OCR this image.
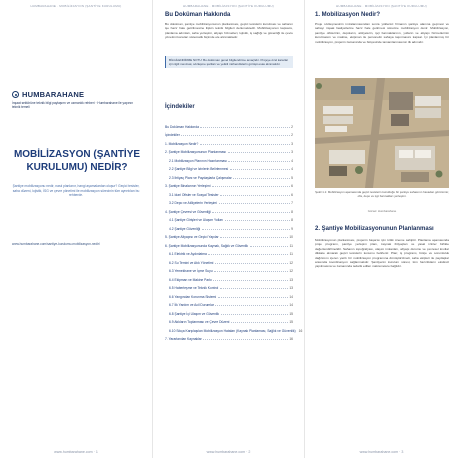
HUMBARAHANE · MOBİLİZASYON (ŞANTİYE KURULUMU)
HUMBARAHANE
İnşaat sektörüne teknik bilgi paylaşımı ve uzmanlık rehberi · Humbarahane ile yapının teknik temeli
MOBİLİZASYON (ŞANTİYE KURULUMU) NEDİR?
Şantiye mobilizasyonu nedir, nasıl planlanır, hangi aşamalardan oluşur? Geçici tesisler, saha düzeni, lojistik, İSG ve çevre yönetimi ile mobilizasyon sürecinin tüm ayrıntıları bu rehberde.
www.humbarahane.com/santiye-kurulumu-mobilizasyon-nedir/
www.humbarahane.com · 1
HUMBARAHANE · MOBİLİZASYON (ŞANTİYE KURULUMU)
Bu Doküman Hakkında
Bu doküman, şantiye mobilizasyonunun planlanması, geçici tesislerin kurulması ve sahanın işe hazır hale getirilmesine ilişkin teknik bilgileri derlemektedir. Mobilizasyonun kapsamı, planlama adımları, saha yerleşimi, altyapı hizmetleri, lojistik, iş sağlığı ve güvenliği ile çevre yönetimi konuları sistematik biçimde ele alınmaktadır.
BİLGİLENDİRME NOTU: Bu doküman genel bilgilendirme amaçlıdır. Projeye özel kararlar için ilgili mevzuat, sözleşme şartları ve yetkili mühendislerin görüşü esas alınmalıdır.
İçindekiler
Bu Doküman Hakkında	2
İçindekiler	2
1. Mobilizasyon Nedir?	3
2. Şantiye Mobilizasyonunun Planlanması	3
2.1 Mobilizasyon Planının Hazırlanması	4
2.2 Şantiye Bilgi ve Izinlerin Belirlenmesi	4
2.3 Ihtiyaç Planı ve Paydaşlarla Çalışmalar	5
3. Şantiye Binalarının Yerleşimi	6
3.1 Idari Ofisler ve Sosyal Tesisler	6
3.2 Depo ve Atölyelerin Yerleşimi	7
4. Şantiye Çevresi ve Güvenliği	8
4.1 Şantiye Girişleri ve Ulaşım Yolları	8
4.2 Şantiye Güvenliği	9
5. Şantiye Altyapısı ve Geçici Yapılar	10
6. Şantiye Mobilizasyonunda Kaynak, Sağlık ve Güvenlik	11
6.1 Elektrik ve Aydınlatma	11
6.2 Su Temini ve Atık Yönetimi	12
6.3 Yemekhane ve İçme Suyu	12
6.4 Ekipman ve Makine Parkı	13
6.5 Haberleşme ve Teknik Kontrol	13
6.6 Yangından Korunma Sistemi	14
6.7 İlk Yardım ve Acil Durumlar	14
6.8 Şantiye İçi Ulaşım ve Güvenlik	15
6.9 Atıkların Toplanması ve Çevre Düzeni	15
6.10 Sıkça Karşılaşılan Mobilizasyon Hataları (Kaynak Planlaması, Sağlık ve Güvenlik) 16
7. Yararlanılan Kaynaklar	16
www.humbarahane.com · 2
HUMBARAHANE · MOBİLİZASYON (ŞANTİYE KURULUMU)
1. Mobilizasyon Nedir?
Proje sözleşmesinin imzalanmasından sonra yüklenici firmanın şantiye alanına geçmesi ve sahayı inşaat faaliyetlerine hazır hale getirmesi sürecine mobilizasyon denir. Mobilizasyon, şantiye ofislerinin, depoların, atölyelerin, işçi barınaklarının, yolların ve altyapı hizmetlerinin kurulmasını ve makine, ekipman ile personelin sahaya taşınmasını kapsar. İyi planlanmış bir mobilizasyon, projenin zamanında ve bütçesinde tamamlanmasının ilk adımıdır.
Şekil 1.1: Mobilizasyon aşamasında geçici tesislerin kurulduğu bir şantiye sahasının havadan görünümü; ofis, depo ve işçi barınakları yerleşimi.
Görsel: Humbarahane
2. Şantiye Mobilizasyonunun Planlanması
Mobilizasyonun planlanması, projenin başarısı için kritik öneme sahiptir. Planlama aşamasında proje programı, şantiye yerleşim planı, kaynak ihtiyaçları ve yasal izinler birlikte değerlendirilmelidir. Sahanın topoğrafyası, ulaşım imkanları, altyapı durumu ve çevresel kısıtlar dikkate alınarak geçici tesislerin konumu belirlenir. Plan; iş programı, bütçe ve sorumluluk dağılımını içeren yazılı bir mobilizasyon programına dönüştürülmeli, saha ekipleri ile paydaşlar arasında koordinasyon sağlanmalıdır. Şantiyenin kurulum süresi, tüm hazırlıkların eksiksiz yapılmasına ve zamanında tedarik edilen malzemelere bağlıdır.
www.humbarahane.com · 3
